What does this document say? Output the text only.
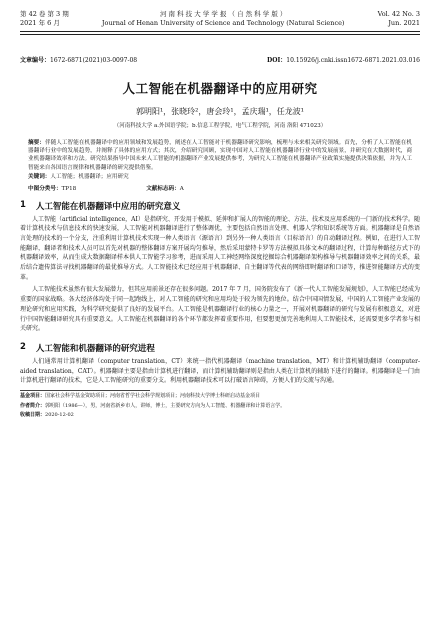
第 42 卷 第 3 期
2021 年 6 月
河 南 科 技 大 学 学 报 （ 自 然 科 学 版 ）
Journal of Henan University of Science and Technology (Natural Science)
Vol. 42 No. 3
Jun. 2021
文章编号：1672-6871(2021)03-0097-08	DOI：10.15926/j.cnki.issn1672-6871.2021.03.016
人工智能在机器翻译中的应用研究
郭明阳¹，张晓玲²，唐会玲¹，孟庆瑞¹，任龙波¹
（河南科技大学 a.外国语学院；b.信息工程学院，电气工程学院，河南 洛阳 471023）
摘要：伴随人工智能在机器翻译中的应用领域和发展趋势，阐述在人工智能对于机器翻译研究影响，梳理与未来相关研究领域。首先，分析了人工智能在机器翻译行业中的发展趋势，并阐释了具体的应用方式；其次，介绍研究回顾，实现中国对人工智能在机器翻译行业中的发展前景，并研究在大数据时代，商业机器翻译效率和方法。研究结果指导中国未来人工智能的机器翻译产业发展提供参考，为研究人工智能在机器翻译产业政策实施提供决策依据，并为人工智能来自各国语言规律和机器翻译的研究提供借鉴。
关键词：人工智能；机器翻译；应用研究
中图分类号：TP18	文献标志码：A
1 人工智能在机器翻译中应用的研究意义

人工智能（artificial intelligence，AI）是指研究、开发用于模拟、延伸和扩展人的智能的理论、方法、技术及应用系统的一门新的技术科学。随着计算机技术与信息技术的快速发展，人工智能对机器翻译进行了整体调优，主要包括自然语言处理、机器人学和知识系统等方面。机器翻译是自然语言处理的技术的一个分支，注重利用计算机技术实现一种人类语言（源语言）到另外一种人类语言（目标语言）的自动翻译过程。例如，在进行人工智能翻译，翻译者和技术人员可以首先对机器的整体翻译方案开展均匀推导，然后采用蒙特卡罗等方法模拟具体文本的翻译过程，计算每种路径方式下的机器翻译效率，从而生成大数据翻译样本供人工智能学习参考，进而采用人工神经网络深度挖掘综合机器翻译架构推导与机器翻译效率之间的关系，最后结合遗传算法寻找机器翻译的最优推导方式。人工智能技术已经应用于机器翻译、自主翻译等代表的网络即时翻译和口译等，推进智能翻译方式的变革。

人工智能技术虽然有很大发展潜力，但其应用前景还存在很多问题。2017 年 7 月，国务院发布了《新一代人工智能发展规划》，人工智能已经成为重要的国家战略。各大经济体均处于同一起跑线上，对人工智能的研究和应用均处于较为领先的地位。结合中国国情发展，中国的人工智能产业发展的理论研究和应用实践，为科学研究提供了良好的发展平台。人工智能是机器翻译行业的核心力量之一，开展对机器翻译的研究与发展有积极意义，对进行中国智能翻译研究具有重要意义。人工智能在机器翻译的各个环节都发挥着重要作用，但要想更加完善地利用人工智能技术，还需要更多学者参与相关研究。

2 人工智能和机器翻译的研究进程

人们通常用计算机翻译（computer translation，CT）来统一指代机器翻译（machine translation，MT）和计算机辅助翻译（computer-aided translation，CAT）。机器翻译主要是指由计算机进行翻译，而计算机辅助翻译则是指由人类在计算机的辅助下进行的翻译。机器翻译是一门由计算机进行翻译的技术，它是人工智能研究的重要分支。利用机器翻译技术可以打破语言障碍，方便人们的交流与沟通。

基金项目：国家社会科学基金资助项目；河南省哲学社会科学规划项目；河南科技大学博士科研启动基金项目
作者简介：郭明阳（1986—），男，河南省新乡市人，讲师，博士，主要研究方向为人工智能、机器翻译和计算语言学。
收稿日期：2020-12-02
